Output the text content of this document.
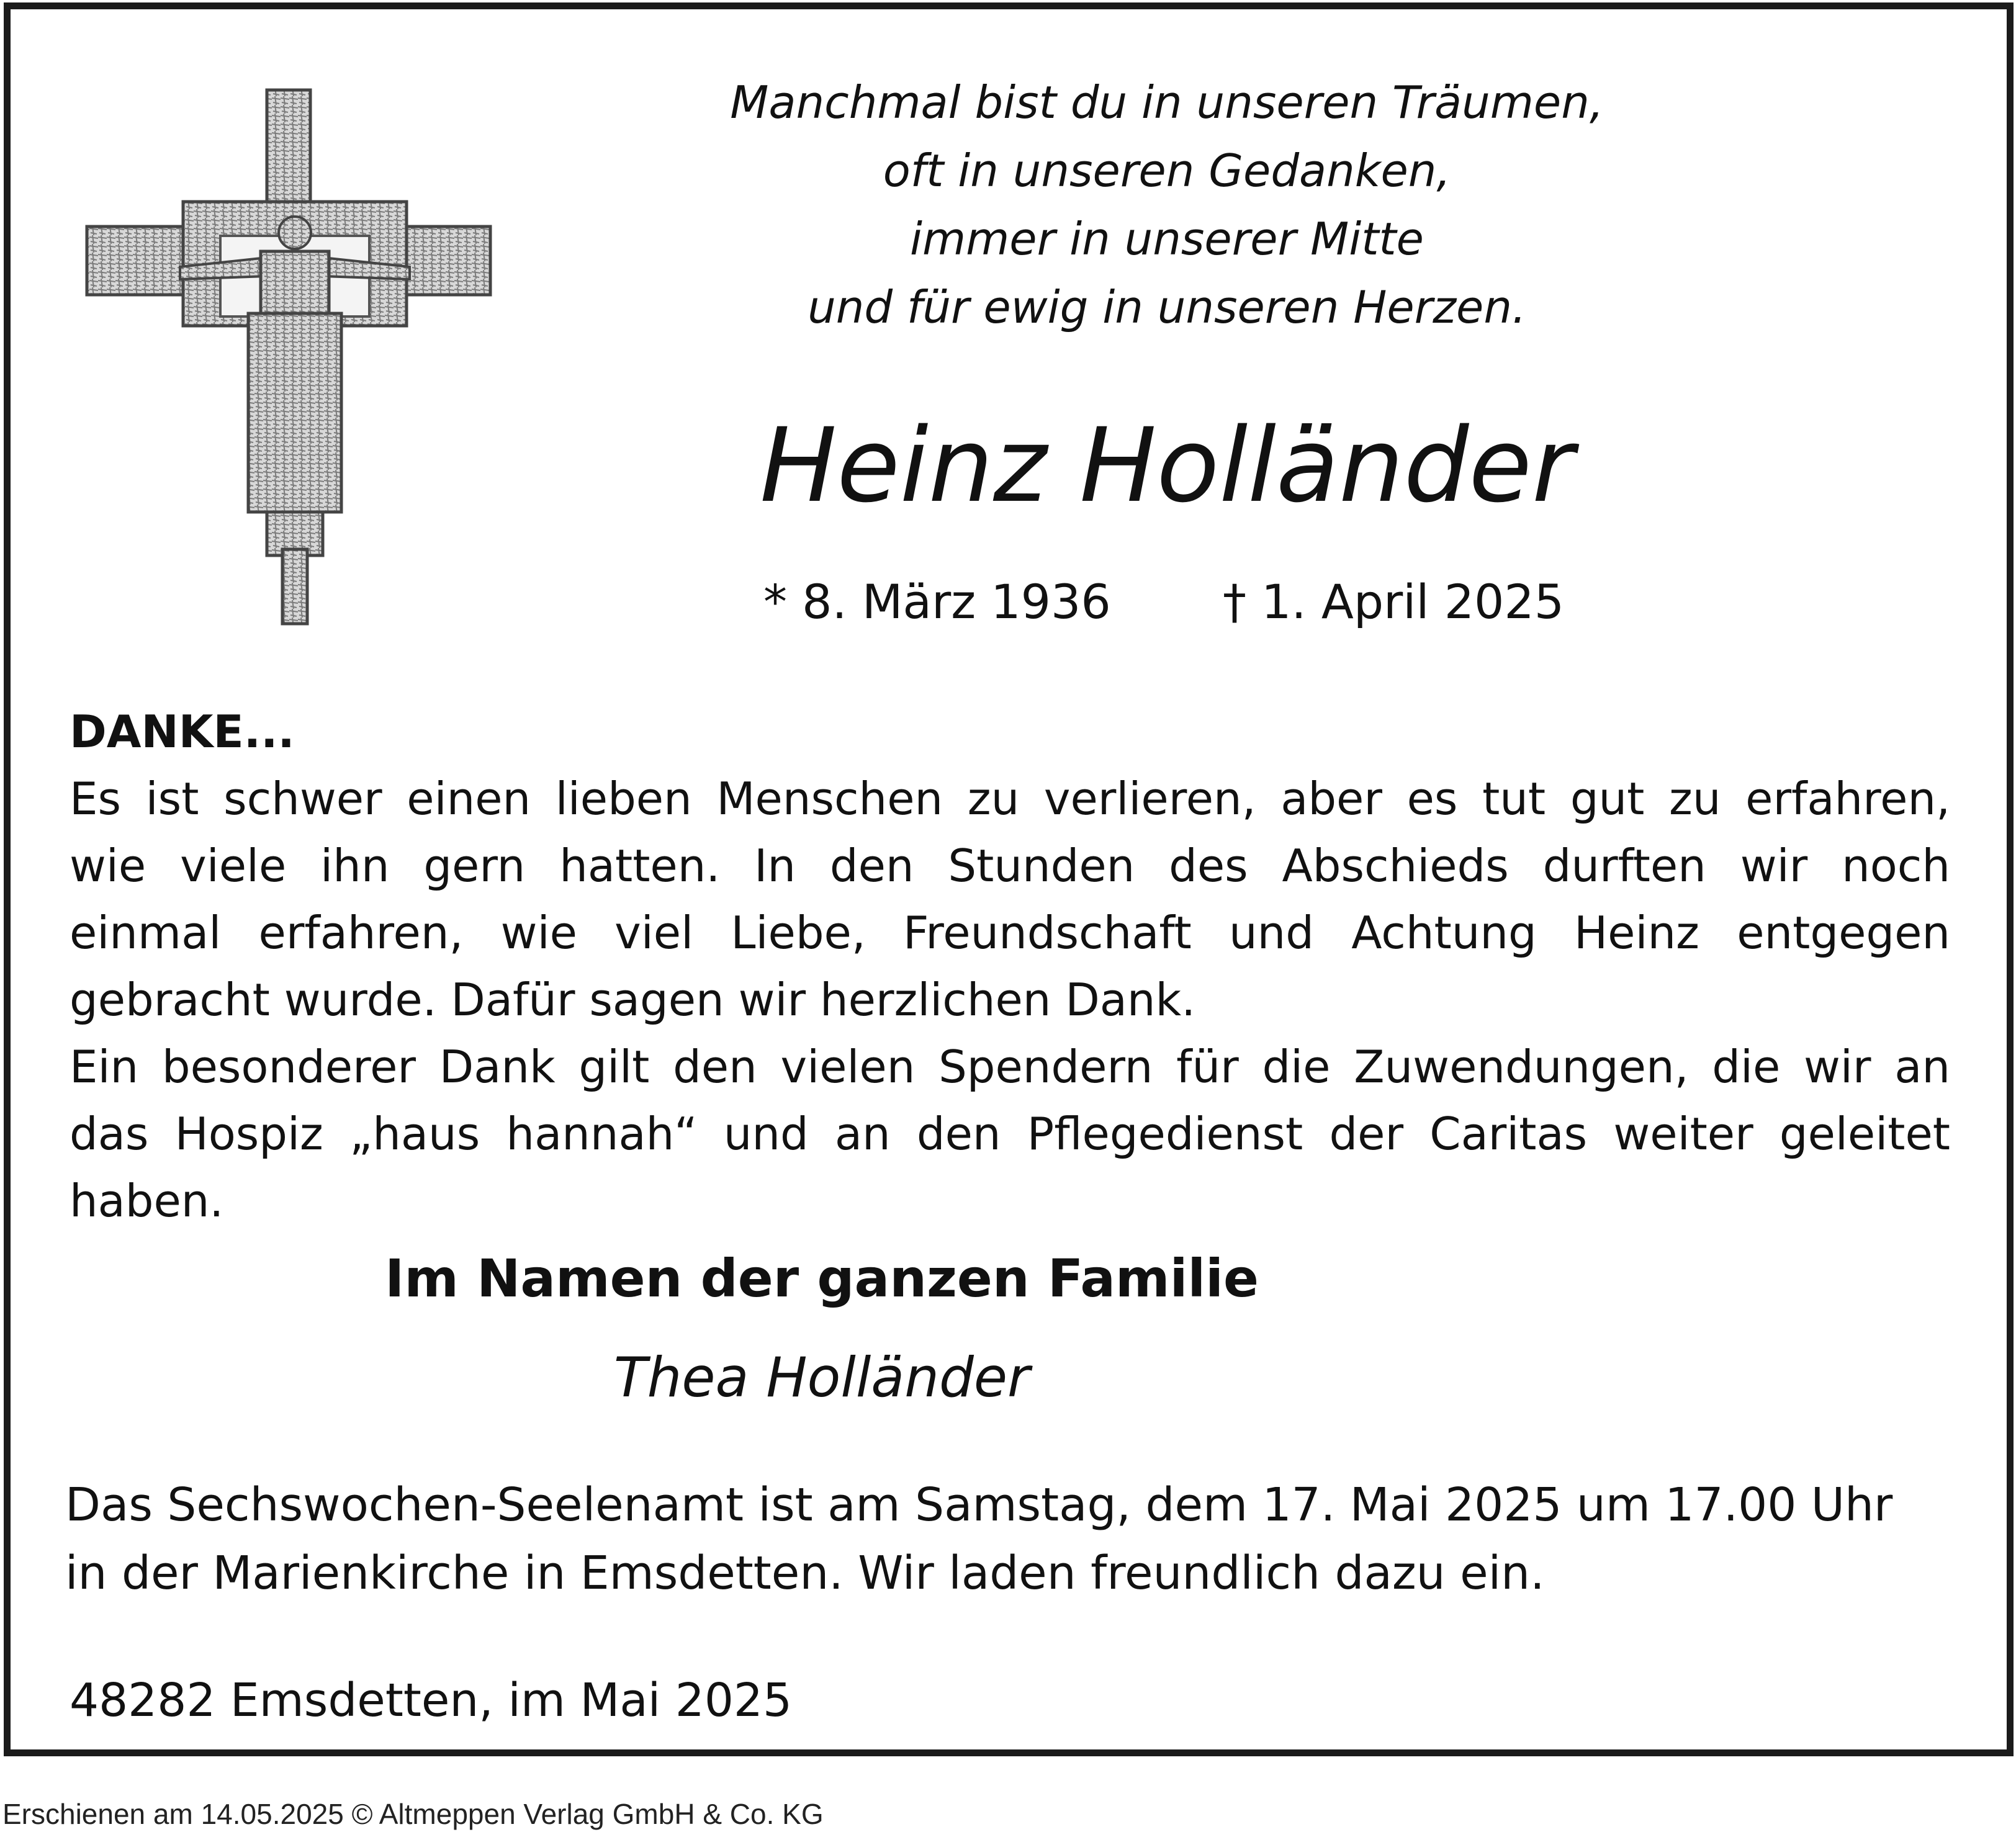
Manchmal bist du in unseren Träumen,
oft in unseren Gedanken,
immer in unserer Mitte
und für ewig in unseren Herzen.
Heinz Holländer
* 8. März 1936 † 1. April 2025
DANKE...
Es ist schwer einen lieben Menschen zu verlieren, aber es tut gut zu erfahren,
wie viele ihn gern hatten. In den Stunden des Abschieds durften wir noch
einmal erfahren, wie viel Liebe, Freundschaft und Achtung Heinz entgegen
gebracht wurde. Dafür sagen wir herzlichen Dank.
Ein besonderer Dank gilt den vielen Spendern für die Zuwendungen, die wir an
das Hospiz „haus hannah“ und an den Pflegedienst der Caritas weiter geleitet
haben.
Im Namen der ganzen Familie
Thea Holländer
Das Sechswochen-Seelenamt ist am Samstag, dem 17. Mai 2025 um 17.00 Uhr
in der Marienkirche in Emsdetten. Wir laden freundlich dazu ein.
48282 Emsdetten, im Mai 2025
Erschienen am 14.05.2025 © Altmeppen Verlag GmbH & Co. KG
